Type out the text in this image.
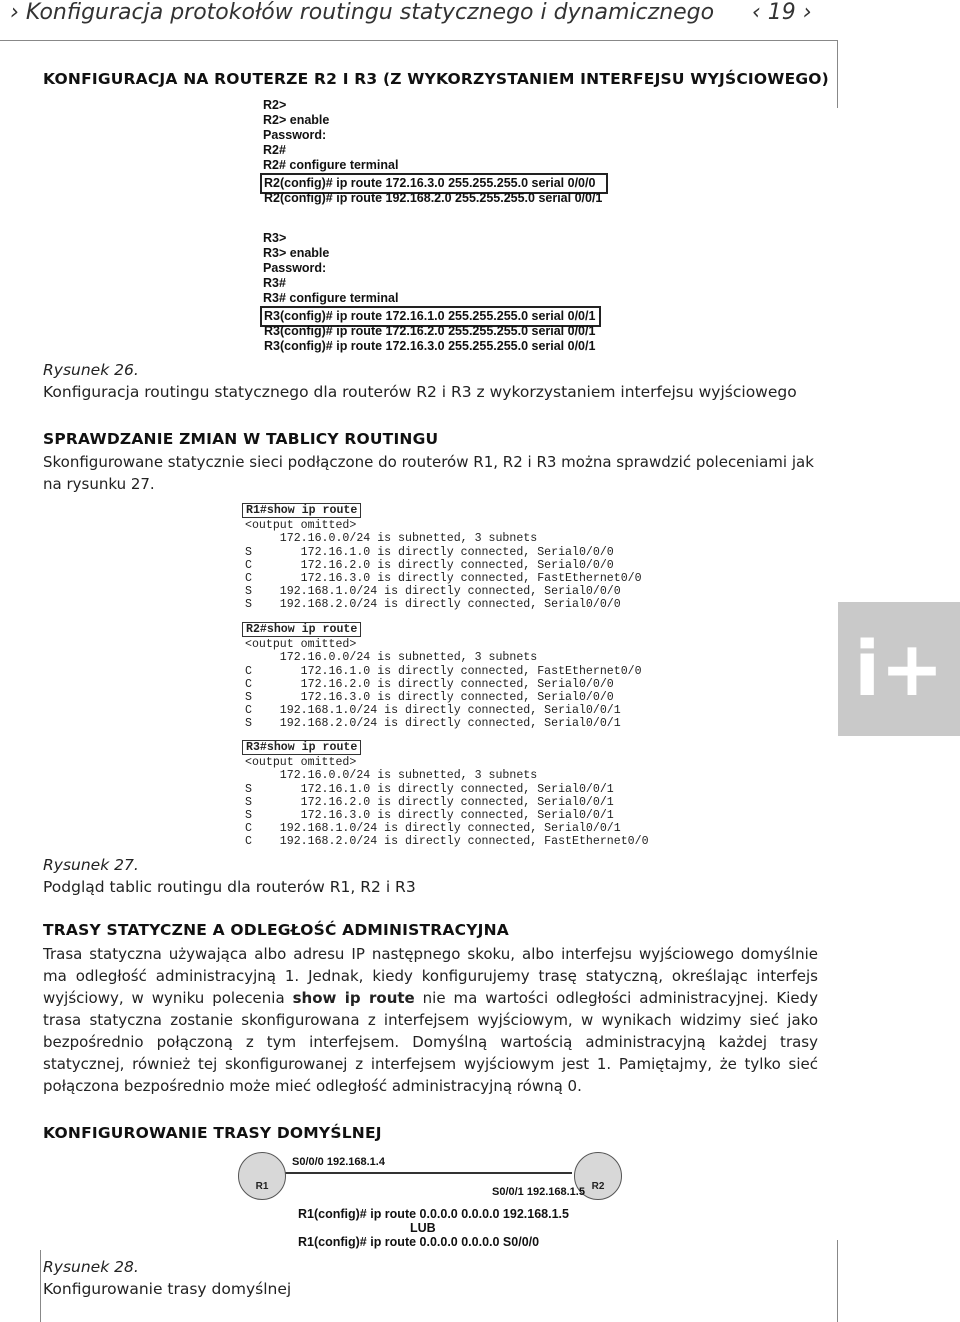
› Konfiguracja protokołów routingu statycznego i dynamicznego ‹ 19 ›
i+
KONFIGURACJA NA ROUTERZE R2 I R3 (Z WYKORZYSTANIEM INTERFEJSU WYJŚCIOWEGO)
R2>
R2> enable
Password:
R2#
R2# configure terminal
R2(config)# ip route 172.16.3.0 255.255.255.0 serial 0/0/0
R2(config)# ip route 192.168.2.0 255.255.255.0 serial 0/0/1
R3>
R3> enable
Password:
R3#
R3# configure terminal
R3(config)# ip route 172.16.1.0 255.255.255.0 serial 0/0/1
R3(config)# ip route 172.16.2.0 255.255.255.0 serial 0/0/1
R3(config)# ip route 172.16.3.0 255.255.255.0 serial 0/0/1
Rysunek 26.
Konfiguracja routingu statycznego dla routerów R2 i R3 z wykorzystaniem interfejsu wyjściowego
SPRAWDZANIE ZMIAN W TABLICY ROUTINGU
Skonfigurowane statycznie sieci podłączone do routerów R1, R2 i R3 można sprawdzić poleceniami jak na rysunku 27.
R1#show ip route
<output omitted>
172.16.0.0/24 is subnetted, 3 subnets
S       172.16.1.0 is directly connected, Serial0/0/0
C       172.16.2.0 is directly connected, Serial0/0/0
C       172.16.3.0 is directly connected, FastEthernet0/0
S    192.168.1.0/24 is directly connected, Serial0/0/0
S    192.168.2.0/24 is directly connected, Serial0/0/0
R2#show ip route
<output omitted>
172.16.0.0/24 is subnetted, 3 subnets
C       172.16.1.0 is directly connected, FastEthernet0/0
C       172.16.2.0 is directly connected, Serial0/0/0
S       172.16.3.0 is directly connected, Serial0/0/0
C    192.168.1.0/24 is directly connected, Serial0/0/1
S    192.168.2.0/24 is directly connected, Serial0/0/1
R3#show ip route
<output omitted>
172.16.0.0/24 is subnetted, 3 subnets
S       172.16.1.0 is directly connected, Serial0/0/1
S       172.16.2.0 is directly connected, Serial0/0/1
S       172.16.3.0 is directly connected, Serial0/0/1
C    192.168.1.0/24 is directly connected, Serial0/0/1
C    192.168.2.0/24 is directly connected, FastEthernet0/0
Rysunek 27.
Podgląd tablic routingu dla routerów R1, R2 i R3
TRASY STATYCZNE A ODLEGŁOŚĆ ADMINISTRACYJNA
Trasa statyczna używająca albo adresu IP następnego skoku, albo interfejsu wyjściowego domyślnie ma odległość administracyjną 1. Jednak, kiedy konfigurujemy trasę statyczną, określając interfejs wyjściowy, w wyniku polecenia show ip route nie ma wartości odległości administracyjnej. Kiedy trasa statyczna zostanie skonfigurowana z interfejsem wyjściowym, w wynikach widzimy sieć jako bezpośrednio połączoną z tym interfejsem. Domyślną wartością administracyjną każdej trasy statycznej, również tej skonfigurowanej z interfejsem wyjściowym jest 1. Pamiętajmy, że tylko sieć połączona bezpośrednio może mieć odległość administracyjną równą 0.
KONFIGUROWANIE TRASY DOMYŚLNEJ
R1	R2
S0/0/0 192.168.1.4
S0/0/1 192.168.1.5
R1(config)# ip route 0.0.0.0 0.0.0.0 192.168.1.5
LUB
R1(config)# ip route 0.0.0.0 0.0.0.0 S0/0/0
Rysunek 28.
Konfigurowanie trasy domyślnej
